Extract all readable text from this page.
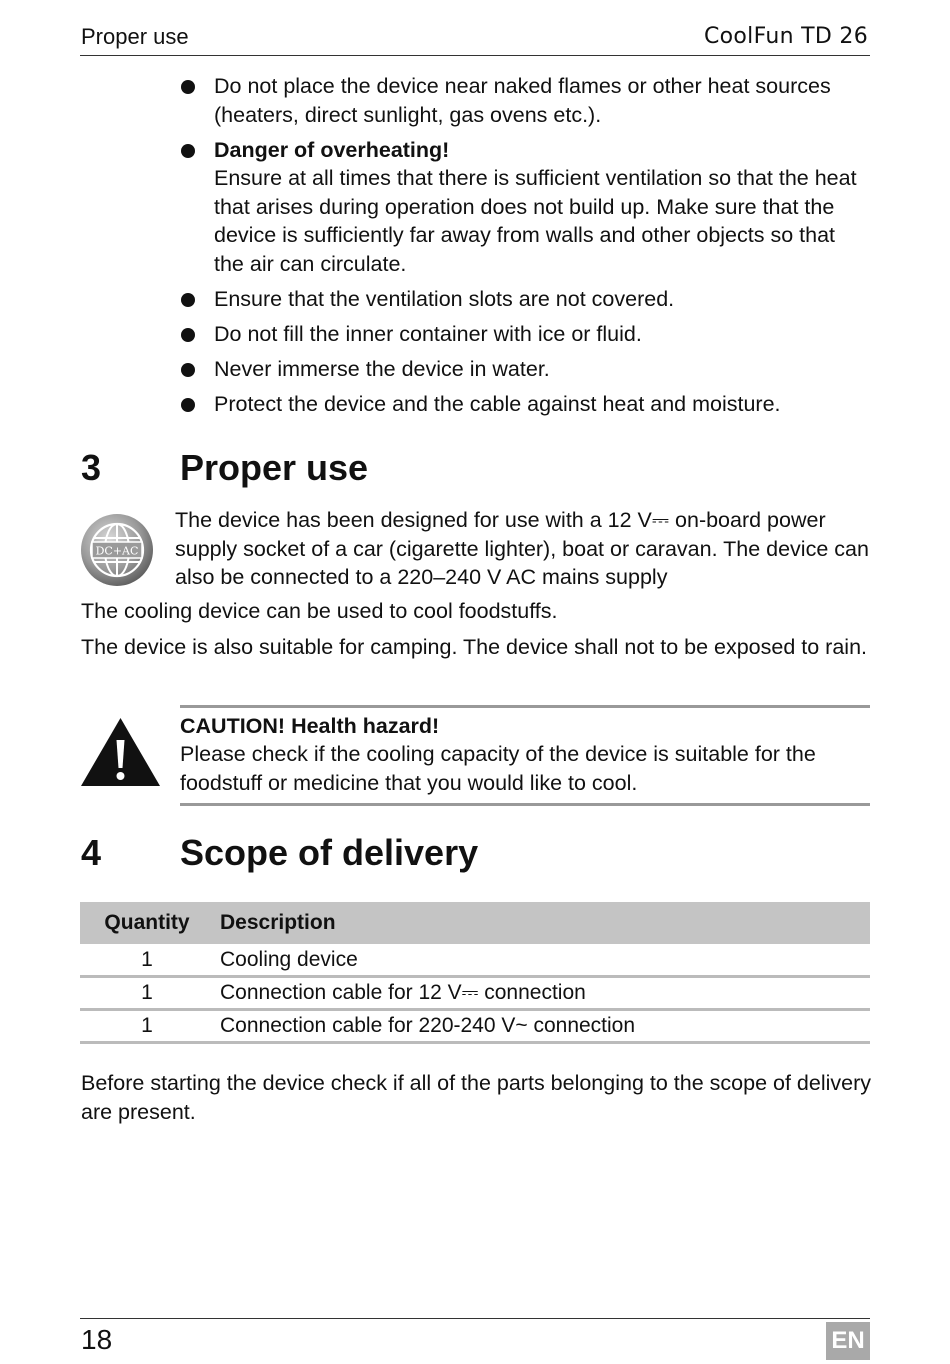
Proper use	CoolFun TD 26
Do not place the device near naked flames or other heat sources (heaters, direct sunlight, gas ovens etc.).
Danger of overheating!
Ensure at all times that there is sufficient ventilation so that the heat that arises during operation does not build up. Make sure that the device is sufficiently far away from walls and other objects so that the air can circulate.
Ensure that the ventilation slots are not covered.
Do not fill the inner container with ice or fluid.
Never immerse the device in water.
Protect the device and the cable against heat and moisture.
3 Proper use
DC+AC
The device has been designed for use with a 12 V⎓ on-board power supply socket of a car (cigarette lighter), boat or caravan. The device can also be connected to a 220–240 V AC mains supply
The cooling device can be used to cool foodstuffs.
The device is also suitable for camping. The device shall not to be exposed to rain.
CAUTION! Health hazard!
Please check if the cooling capacity of the device is suitable for the foodstuff or medicine that you would like to cool.
4 Scope of delivery
Quantity	Description
1	Cooling device
1	Connection cable for 12 V⎓ connection
1	Connection cable for 220-240 V~ connection
Before starting the device check if all of the parts belonging to the scope of delivery are present.
18	EN
